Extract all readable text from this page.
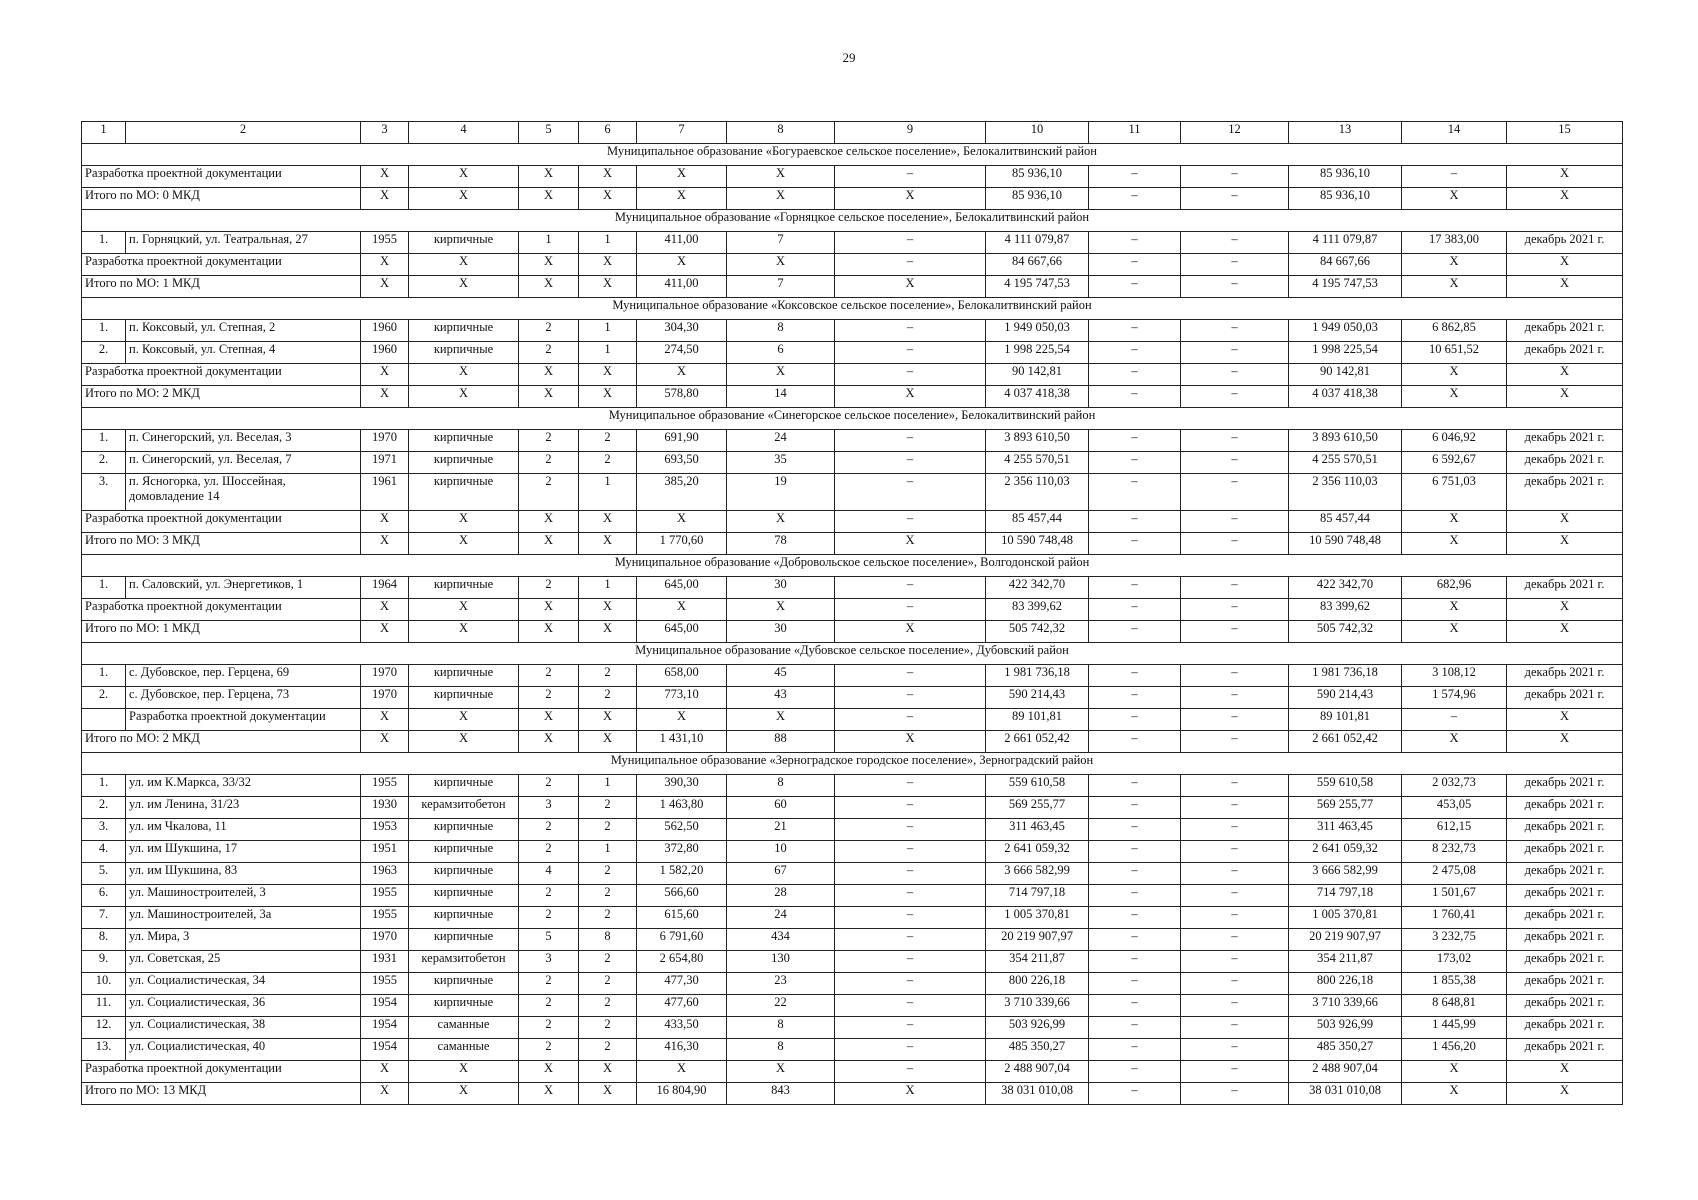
29
1	2	3	4	5	6	7	8	9	10	11	12	13	14	15
Муниципальное образование «Богураевское сельское поселение», Белокалитвинский район														
Разработка проектной документации		X	X	X	X	X	X	–	85 936,10	–	–	85 936,10	–	X
Итого по МО: 0 МКД		X	X	X	X	X	X	X	85 936,10	–	–	85 936,10	X	X
Муниципальное образование «Горняцкое сельское поселение», Белокалитвинский район														
1.	п. Горняцкий, ул. Театральная, 27	1955	кирпичные	1	1	411,00	7	–	4 111 079,87	–	–	4 111 079,87	17 383,00	декабрь 2021 г.
Разработка проектной документации		X	X	X	X	X	X	–	84 667,66	–	–	84 667,66	X	X
Итого по МО: 1 МКД		X	X	X	X	411,00	7	X	4 195 747,53	–	–	4 195 747,53	X	X
Муниципальное образование «Коксовское сельское поселение», Белокалитвинский район														
1.	п. Коксовый, ул. Степная, 2	1960	кирпичные	2	1	304,30	8	–	1 949 050,03	–	–	1 949 050,03	6 862,85	декабрь 2021 г.
2.	п. Коксовый, ул. Степная, 4	1960	кирпичные	2	1	274,50	6	–	1 998 225,54	–	–	1 998 225,54	10 651,52	декабрь 2021 г.
Разработка проектной документации		X	X	X	X	X	X	–	90 142,81	–	–	90 142,81	X	X
Итого по МО: 2 МКД		X	X	X	X	578,80	14	X	4 037 418,38	–	–	4 037 418,38	X	X
Муниципальное образование «Синегорское сельское поселение», Белокалитвинский район														
1.	п. Синегорский, ул. Веселая, 3	1970	кирпичные	2	2	691,90	24	–	3 893 610,50	–	–	3 893 610,50	6 046,92	декабрь 2021 г.
2.	п. Синегорский, ул. Веселая, 7	1971	кирпичные	2	2	693,50	35	–	4 255 570,51	–	–	4 255 570,51	6 592,67	декабрь 2021 г.
3.	п. Ясногорка, ул. Шоссейная, домовладение 14	1961	кирпичные	2	1	385,20	19	–	2 356 110,03	–	–	2 356 110,03	6 751,03	декабрь 2021 г.
Разработка проектной документации		X	X	X	X	X	X	–	85 457,44	–	–	85 457,44	X	X
Итого по МО: 3 МКД		X	X	X	X	1 770,60	78	X	10 590 748,48	–	–	10 590 748,48	X	X
Муниципальное образование «Добровольское сельское поселение», Волгодонской район														
1.	п. Саловский, ул. Энергетиков, 1	1964	кирпичные	2	1	645,00	30	–	422 342,70	–	–	422 342,70	682,96	декабрь 2021 г.
Разработка проектной документации		X	X	X	X	X	X	–	83 399,62	–	–	83 399,62	X	X
Итого по МО: 1 МКД		X	X	X	X	645,00	30	X	505 742,32	–	–	505 742,32	X	X
Муниципальное образование «Дубовское сельское поселение», Дубовский район														
1.	с. Дубовское, пер. Герцена, 69	1970	кирпичные	2	2	658,00	45	–	1 981 736,18	–	–	1 981 736,18	3 108,12	декабрь 2021 г.
2.	с. Дубовское, пер. Герцена, 73	1970	кирпичные	2	2	773,10	43	–	590 214,43	–	–	590 214,43	1 574,96	декабрь 2021 г.
	Разработка проектной документации	X	X	X	X	X	X	–	89 101,81	–	–	89 101,81	–	X
Итого по МО: 2 МКД		X	X	X	X	1 431,10	88	X	2 661 052,42	–	–	2 661 052,42	X	X
Муниципальное образование «Зерноградское городское поселение», Зерноградский район														
1.	ул. им К.Маркса, 33/32	1955	кирпичные	2	1	390,30	8	–	559 610,58	–	–	559 610,58	2 032,73	декабрь 2021 г.
2.	ул. им Ленина, 31/23	1930	керамзитобетон	3	2	1 463,80	60	–	569 255,77	–	–	569 255,77	453,05	декабрь 2021 г.
3.	ул. им Чкалова, 11	1953	кирпичные	2	2	562,50	21	–	311 463,45	–	–	311 463,45	612,15	декабрь 2021 г.
4.	ул. им Шукшина, 17	1951	кирпичные	2	1	372,80	10	–	2 641 059,32	–	–	2 641 059,32	8 232,73	декабрь 2021 г.
5.	ул. им Шукшина, 83	1963	кирпичные	4	2	1 582,20	67	–	3 666 582,99	–	–	3 666 582,99	2 475,08	декабрь 2021 г.
6.	ул. Машиностроителей, 3	1955	кирпичные	2	2	566,60	28	–	714 797,18	–	–	714 797,18	1 501,67	декабрь 2021 г.
7.	ул. Машиностроителей, 3а	1955	кирпичные	2	2	615,60	24	–	1 005 370,81	–	–	1 005 370,81	1 760,41	декабрь 2021 г.
8.	ул. Мира, 3	1970	кирпичные	5	8	6 791,60	434	–	20 219 907,97	–	–	20 219 907,97	3 232,75	декабрь 2021 г.
9.	ул. Советская, 25	1931	керамзитобетон	3	2	2 654,80	130	–	354 211,87	–	–	354 211,87	173,02	декабрь 2021 г.
10.	ул. Социалистическая, 34	1955	кирпичные	2	2	477,30	23	–	800 226,18	–	–	800 226,18	1 855,38	декабрь 2021 г.
11.	ул. Социалистическая, 36	1954	кирпичные	2	2	477,60	22	–	3 710 339,66	–	–	3 710 339,66	8 648,81	декабрь 2021 г.
12.	ул. Социалистическая, 38	1954	саманные	2	2	433,50	8	–	503 926,99	–	–	503 926,99	1 445,99	декабрь 2021 г.
13.	ул. Социалистическая, 40	1954	саманные	2	2	416,30	8	–	485 350,27	–	–	485 350,27	1 456,20	декабрь 2021 г.
Разработка проектной документации		X	X	X	X	X	X	–	2 488 907,04	–	–	2 488 907,04	X	X
Итого по МО: 13 МКД		X	X	X	X	16 804,90	843	X	38 031 010,08	–	–	38 031 010,08	X	X
